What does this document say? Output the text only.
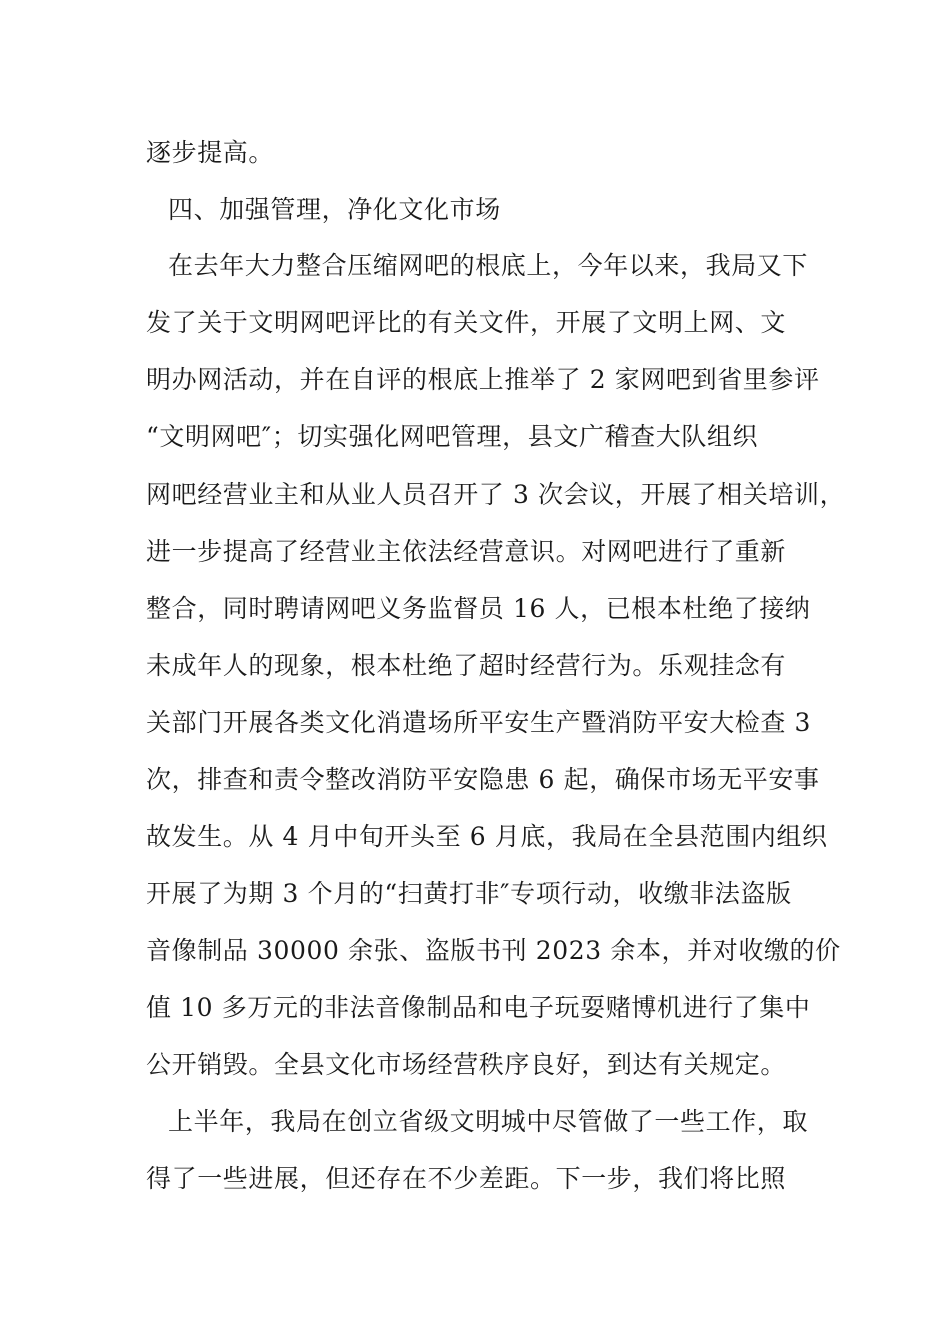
逐步提高。
四、加强管理，净化文化市场
在去年大力整合压缩网吧的根底上，今年以来，我局又下
发了关于文明网吧评比的有关文件，开展了文明上网、文
明办网活动，并在自评的根底上推举了 2 家网吧到省里参评
“文明网吧″；切实强化网吧管理，县文广稽查大队组织
网吧经营业主和从业人员召开了 3 次会议，开展了相关培训，
进一步提高了经营业主依法经营意识。对网吧进行了重新
整合，同时聘请网吧义务监督员 16 人，已根本杜绝了接纳
未成年人的现象，根本杜绝了超时经营行为。乐观挂念有
关部门开展各类文化消遣场所平安生产暨消防平安大检查 3
次，排查和责令整改消防平安隐患 6 起，确保市场无平安事
故发生。从 4 月中旬开头至 6 月底，我局在全县范围内组织
开展了为期 3 个月的“扫黄打非″专项行动，收缴非法盗版
音像制品 30000 余张、盗版书刊 2023 余本，并对收缴的价
值 10 多万元的非法音像制品和电子玩耍赌博机进行了集中
公开销毁。全县文化市场经营秩序良好，到达有关规定。
上半年，我局在创立省级文明城中尽管做了一些工作，取
得了一些进展，但还存在不少差距。下一步，我们将比照
